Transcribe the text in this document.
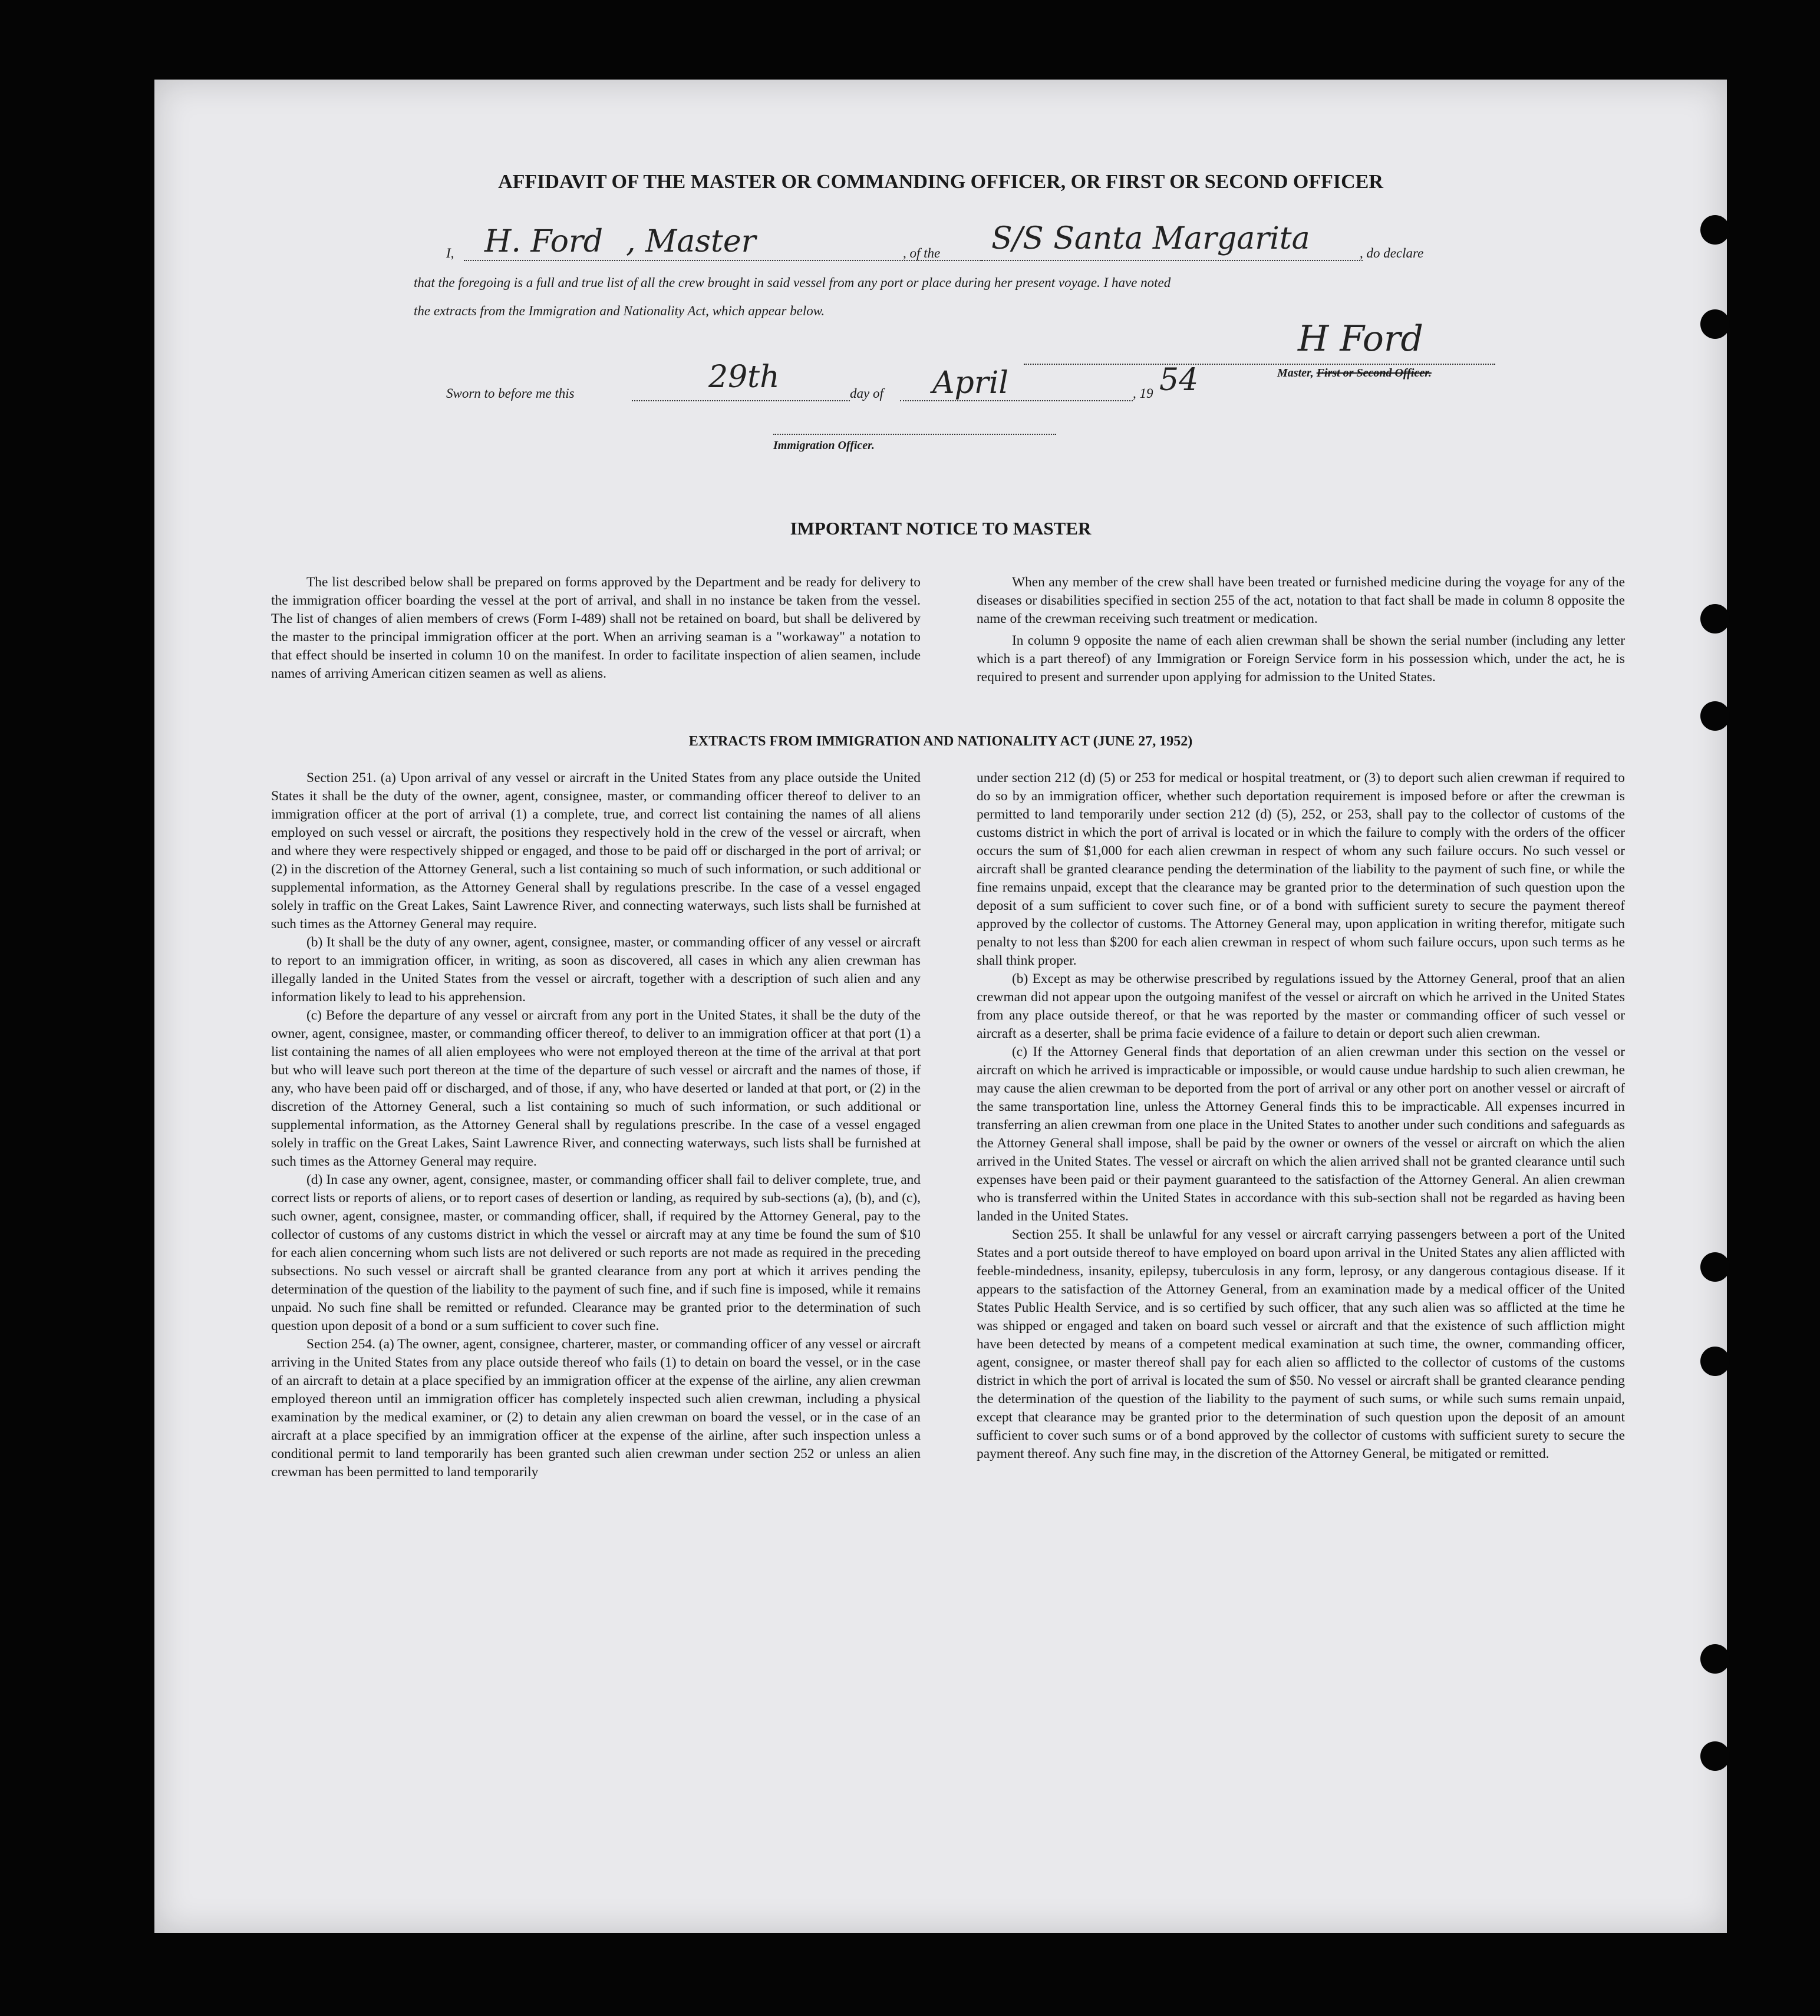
AFFIDAVIT OF THE MASTER OR COMMANDING OFFICER, OR FIRST OR SECOND OFFICER
I, H. Ford , Master	, of the S/S Santa Margarita	, do declare
that the foregoing is a full and true list of all the crew brought in said vessel from any port or place during her present voyage. I have noted
the extracts from the Immigration and Nationality Act, which appear below.
H Ford
Master, First or Second Officer.
Sworn to before me this	29th	day of April	, 19 54
Immigration Officer.
IMPORTANT NOTICE TO MASTER

The list described below shall be prepared on forms approved by the Department and be ready for delivery to the immigration officer boarding the vessel at the port of arrival, and shall in no instance be taken from the vessel. The list of changes of alien members of crews (Form I-489) shall not be retained on board, but shall be delivered by the master to the principal immigration officer at the port. When an arriving seaman is a "workaway" a notation to that effect should be inserted in column 10 on the manifest. In order to facilitate inspection of alien seamen, include names of arriving American citizen seamen as well as aliens.

When any member of the crew shall have been treated or furnished medicine during the voyage for any of the diseases or disabilities specified in section 255 of the act, notation to that fact shall be made in column 8 opposite the name of the crewman receiving such treatment or medication.

In column 9 opposite the name of each alien crewman shall be shown the serial number (including any letter which is a part thereof) of any Immigration or Foreign Service form in his possession which, under the act, he is required to present and surrender upon applying for admission to the United States.

EXTRACTS FROM IMMIGRATION AND NATIONALITY ACT (JUNE 27, 1952)

Section 251. (a) Upon arrival of any vessel or aircraft in the United States from any place outside the United States it shall be the duty of the owner, agent, consignee, master, or commanding officer thereof to deliver to an immigration officer at the port of arrival (1) a complete, true, and correct list containing the names of all aliens employed on such vessel or aircraft, the positions they respectively hold in the crew of the vessel or aircraft, when and where they were respectively shipped or engaged, and those to be paid off or discharged in the port of arrival; or (2) in the discretion of the Attorney General, such a list containing so much of such information, or such additional or supplemental information, as the Attorney General shall by regulations prescribe. In the case of a vessel engaged solely in traffic on the Great Lakes, Saint Lawrence River, and connecting waterways, such lists shall be furnished at such times as the Attorney General may require.

(b) It shall be the duty of any owner, agent, consignee, master, or commanding officer of any vessel or aircraft to report to an immigration officer, in writing, as soon as discovered, all cases in which any alien crewman has illegally landed in the United States from the vessel or aircraft, together with a description of such alien and any information likely to lead to his apprehension.

(c) Before the departure of any vessel or aircraft from any port in the United States, it shall be the duty of the owner, agent, consignee, master, or commanding officer thereof, to deliver to an immigration officer at that port (1) a list containing the names of all alien employees who were not employed thereon at the time of the arrival at that port but who will leave such port thereon at the time of the departure of such vessel or aircraft and the names of those, if any, who have been paid off or discharged, and of those, if any, who have deserted or landed at that port, or (2) in the discretion of the Attorney General, such a list containing so much of such information, or such additional or supplemental information, as the Attorney General shall by regulations prescribe. In the case of a vessel engaged solely in traffic on the Great Lakes, Saint Lawrence River, and connecting waterways, such lists shall be furnished at such times as the Attorney General may require.

(d) In case any owner, agent, consignee, master, or commanding officer shall fail to deliver complete, true, and correct lists or reports of aliens, or to report cases of desertion or landing, as required by sub-sections (a), (b), and (c), such owner, agent, consignee, master, or commanding officer, shall, if required by the Attorney General, pay to the collector of customs of any customs district in which the vessel or aircraft may at any time be found the sum of $10 for each alien concerning whom such lists are not delivered or such reports are not made as required in the preceding subsections. No such vessel or aircraft shall be granted clearance from any port at which it arrives pending the determination of the question of the liability to the payment of such fine, and if such fine is imposed, while it remains unpaid. No such fine shall be remitted or refunded. Clearance may be granted prior to the determination of such question upon deposit of a bond or a sum sufficient to cover such fine.

Section 254. (a) The owner, agent, consignee, charterer, master, or commanding officer of any vessel or aircraft arriving in the United States from any place outside thereof who fails (1) to detain on board the vessel, or in the case of an aircraft to detain at a place specified by an immigration officer at the expense of the airline, any alien crewman employed thereon until an immigration officer has completely inspected such alien crewman, including a physical examination by the medical examiner, or (2) to detain any alien crewman on board the vessel, or in the case of an aircraft at a place specified by an immigration officer at the expense of the airline, after such inspection unless a conditional permit to land temporarily has been granted such alien crewman under section 252 or unless an alien crewman has been permitted to land temporarily

under section 212 (d) (5) or 253 for medical or hospital treatment, or (3) to deport such alien crewman if required to do so by an immigration officer, whether such deportation requirement is imposed before or after the crewman is permitted to land temporarily under section 212 (d) (5), 252, or 253, shall pay to the collector of customs of the customs district in which the port of arrival is located or in which the failure to comply with the orders of the officer occurs the sum of $1,000 for each alien crewman in respect of whom any such failure occurs. No such vessel or aircraft shall be granted clearance pending the determination of the liability to the payment of such fine, or while the fine remains unpaid, except that the clearance may be granted prior to the determination of such question upon the deposit of a sum sufficient to cover such fine, or of a bond with sufficient surety to secure the payment thereof approved by the collector of customs. The Attorney General may, upon application in writing therefor, mitigate such penalty to not less than $200 for each alien crewman in respect of whom such failure occurs, upon such terms as he shall think proper.

(b) Except as may be otherwise prescribed by regulations issued by the Attorney General, proof that an alien crewman did not appear upon the outgoing manifest of the vessel or aircraft on which he arrived in the United States from any place outside thereof, or that he was reported by the master or commanding officer of such vessel or aircraft as a deserter, shall be prima facie evidence of a failure to detain or deport such alien crewman.

(c) If the Attorney General finds that deportation of an alien crewman under this section on the vessel or aircraft on which he arrived is impracticable or impossible, or would cause undue hardship to such alien crewman, he may cause the alien crewman to be deported from the port of arrival or any other port on another vessel or aircraft of the same transportation line, unless the Attorney General finds this to be impracticable. All expenses incurred in transferring an alien crewman from one place in the United States to another under such conditions and safeguards as the Attorney General shall impose, shall be paid by the owner or owners of the vessel or aircraft on which the alien arrived in the United States. The vessel or aircraft on which the alien arrived shall not be granted clearance until such expenses have been paid or their payment guaranteed to the satisfaction of the Attorney General. An alien crewman who is transferred within the United States in accordance with this sub-section shall not be regarded as having been landed in the United States.

Section 255. It shall be unlawful for any vessel or aircraft carrying passengers between a port of the United States and a port outside thereof to have employed on board upon arrival in the United States any alien afflicted with feeble-mindedness, insanity, epilepsy, tuberculosis in any form, leprosy, or any dangerous contagious disease. If it appears to the satisfaction of the Attorney General, from an examination made by a medical officer of the United States Public Health Service, and is so certified by such officer, that any such alien was so afflicted at the time he was shipped or engaged and taken on board such vessel or aircraft and that the existence of such affliction might have been detected by means of a competent medical examination at such time, the owner, commanding officer, agent, consignee, or master thereof shall pay for each alien so afflicted to the collector of customs of the customs district in which the port of arrival is located the sum of $50. No vessel or aircraft shall be granted clearance pending the determination of the question of the liability to the payment of such sums, or while such sums remain unpaid, except that clearance may be granted prior to the determination of such question upon the deposit of an amount sufficient to cover such sums or of a bond approved by the collector of customs with sufficient surety to secure the payment thereof. Any such fine may, in the discretion of the Attorney General, be mitigated or remitted.
